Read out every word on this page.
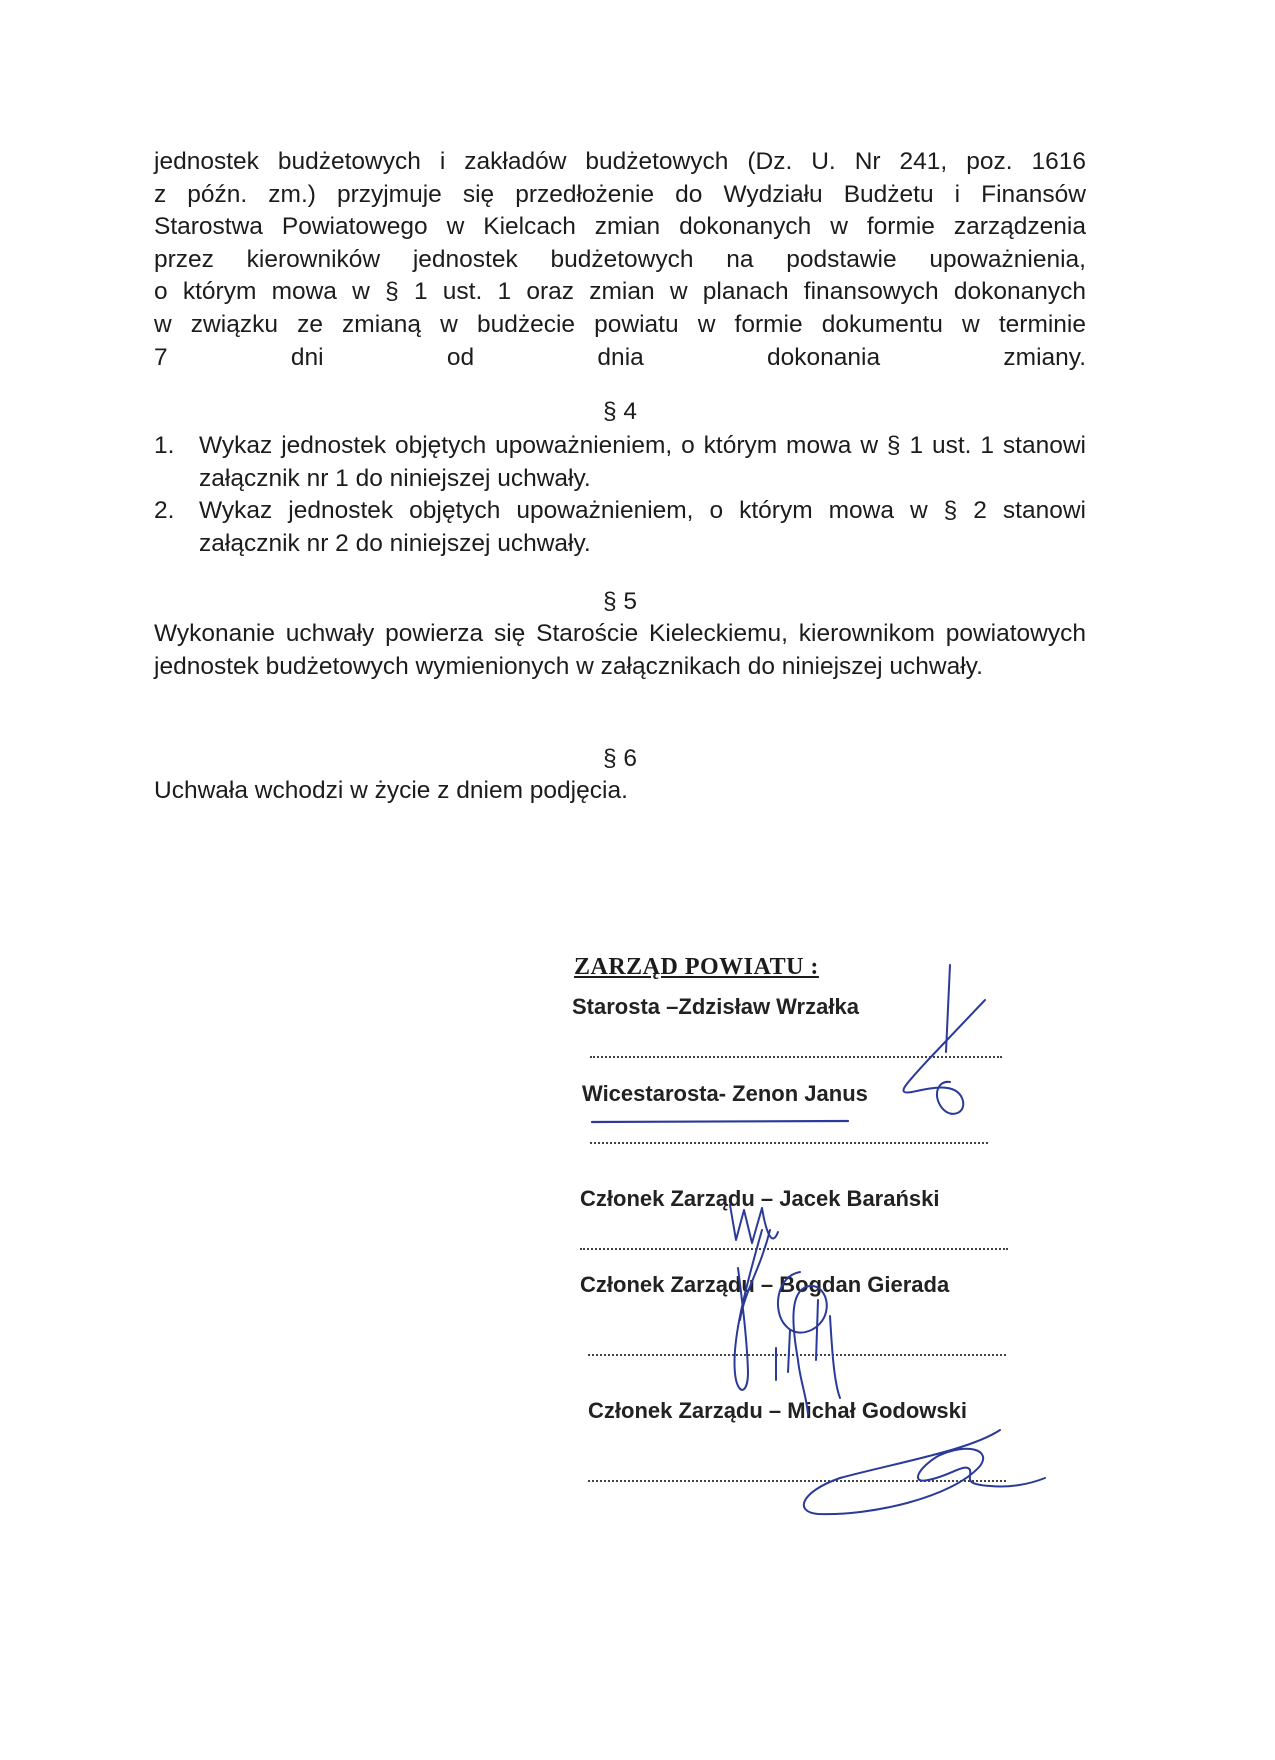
jednostek budżetowych i zakładów budżetowych (Dz. U. Nr 241, poz. 1616
z późn. zm.) przyjmuje się przedłożenie do Wydziału Budżetu i Finansów
Starostwa Powiatowego w Kielcach zmian dokonanych w formie zarządzenia
przez kierowników jednostek budżetowych na podstawie upoważnienia,
o którym mowa w § 1 ust. 1 oraz zmian w planach finansowych dokonanych
w związku ze zmianą w budżecie powiatu w formie dokumentu w terminie
7 dni od dnia dokonania zmiany.
§ 4
1. Wykaz jednostek objętych upoważnieniem, o którym mowa w § 1 ust. 1 stanowi załącznik nr 1 do niniejszej uchwały.
2. Wykaz jednostek objętych upoważnieniem, o którym mowa w § 2 stanowi załącznik nr 2 do niniejszej uchwały.
§ 5
Wykonanie uchwały powierza się Staroście Kieleckiemu, kierownikom powiatowych jednostek budżetowych wymienionych w załącznikach do niniejszej uchwały.
§ 6
Uchwała wchodzi w życie z dniem podjęcia.
ZARZĄD POWIATU :
Starosta –Zdzisław Wrzałka
Wicestarosta- Zenon Janus
Członek Zarządu – Jacek Barański
Członek Zarządu – Bogdan Gierada
Członek Zarządu – Michał Godowski
